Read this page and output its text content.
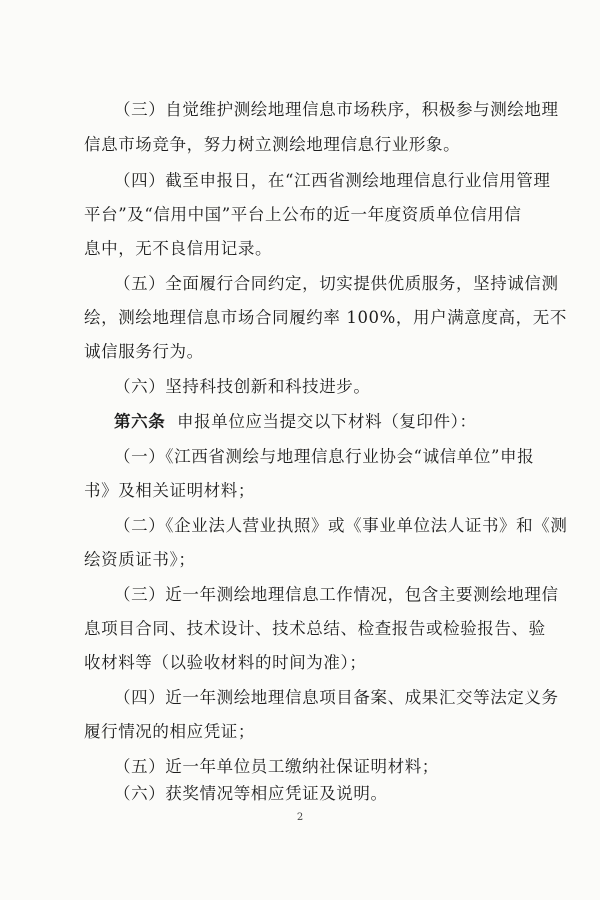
（三）自觉维护测绘地理信息市场秩序，积极参与测绘地理
信息市场竞争，努力树立测绘地理信息行业形象。
（四）截至申报日，在“江西省测绘地理信息行业信用管理
平台”及“信用中国”平台上公布的近一年度资质单位信用信
息中，无不良信用记录。
（五）全面履行合同约定，切实提供优质服务，坚持诚信测
绘，测绘地理信息市场合同履约率 100%，用户满意度高，无不
诚信服务行为。
（六）坚持科技创新和科技进步。
第六条 申报单位应当提交以下材料（复印件）：
（一）《江西省测绘与地理信息行业协会“诚信单位”申报
书》及相关证明材料；
（二）《企业法人营业执照》或《事业单位法人证书》和《测
绘资质证书》；
（三）近一年测绘地理信息工作情况，包含主要测绘地理信
息项目合同、技术设计、技术总结、检查报告或检验报告、验
收材料等（以验收材料的时间为准）；
（四）近一年测绘地理信息项目备案、成果汇交等法定义务
履行情况的相应凭证；
2
（五）近一年单位员工缴纳社保证明材料；
（六）获奖情况等相应凭证及说明。
